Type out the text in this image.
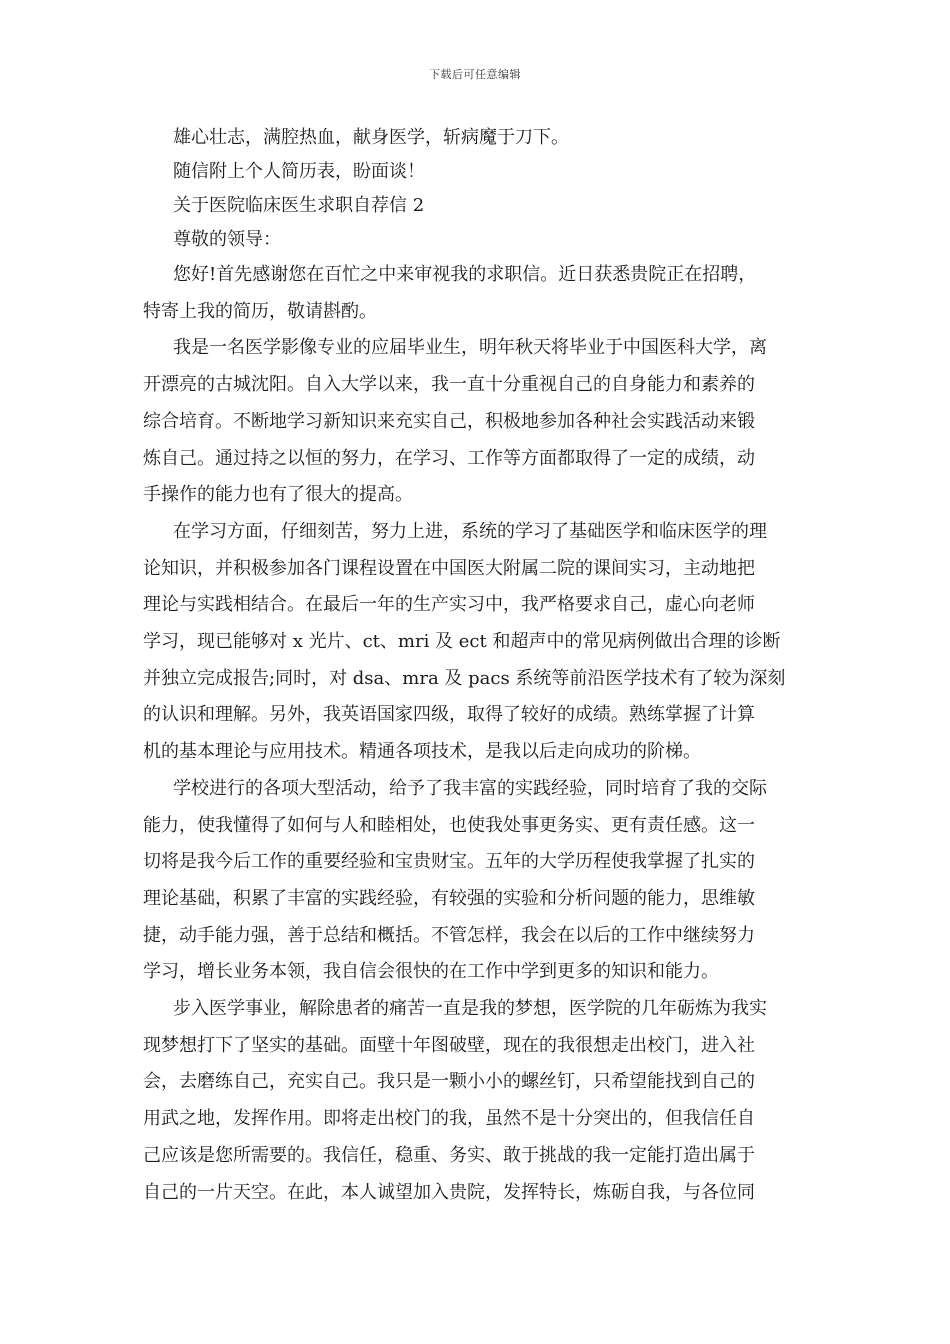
下载后可任意编辑

雄心壮志，满腔热血，献身医学，斩病魔于刀下。

随信附上个人简历表，盼面谈！

关于医院临床医生求职自荐信 2

尊敬的领导：

您好!首先感谢您在百忙之中来审视我的求职信。近日获悉贵院正在招聘，
特寄上我的简历，敬请斟酌。
我是一名医学影像专业的应届毕业生，明年秋天将毕业于中国医科大学，离
开漂亮的古城沈阳。自入大学以来，我一直十分重视自己的自身能力和素养的
综合培育。不断地学习新知识来充实自己，积极地参加各种社会实践活动来锻
炼自己。通过持之以恒的努力，在学习、工作等方面都取得了一定的成绩，动
手操作的能力也有了很大的提高。
在学习方面，仔细刻苦，努力上进，系统的学习了基础医学和临床医学的理
论知识，并积极参加各门课程设置在中国医大附属二院的课间实习，主动地把
理论与实践相结合。在最后一年的生产实习中，我严格要求自己，虚心向老师
学习，现已能够对 x 光片、ct、mri 及 ect 和超声中的常见病例做出合理的诊断
并独立完成报告;同时，对 dsa、mra 及 pacs 系统等前沿医学技术有了较为深刻
的认识和理解。另外，我英语国家四级，取得了较好的成绩。熟练掌握了计算
机的基本理论与应用技术。精通各项技术，是我以后走向成功的阶梯。
学校进行的各项大型活动，给予了我丰富的实践经验，同时培育了我的交际
能力，使我懂得了如何与人和睦相处，也使我处事更务实、更有责任感。这一
切将是我今后工作的重要经验和宝贵财宝。五年的大学历程使我掌握了扎实的
理论基础，积累了丰富的实践经验，有较强的实验和分析问题的能力，思维敏
捷，动手能力强，善于总结和概括。不管怎样，我会在以后的工作中继续努力
学习，增长业务本领，我自信会很快的在工作中学到更多的知识和能力。
步入医学事业，解除患者的痛苦一直是我的梦想，医学院的几年砺炼为我实
现梦想打下了坚实的基础。面壁十年图破壁，现在的我很想走出校门，进入社
会，去磨练自己，充实自己。我只是一颗小小的螺丝钉，只希望能找到自己的
用武之地，发挥作用。即将走出校门的我，虽然不是十分突出的，但我信任自
己应该是您所需要的。我信任，稳重、务实、敢于挑战的我一定能打造出属于
自己的一片天空。在此，本人诚望加入贵院，发挥特长，炼砺自我，与各位同
